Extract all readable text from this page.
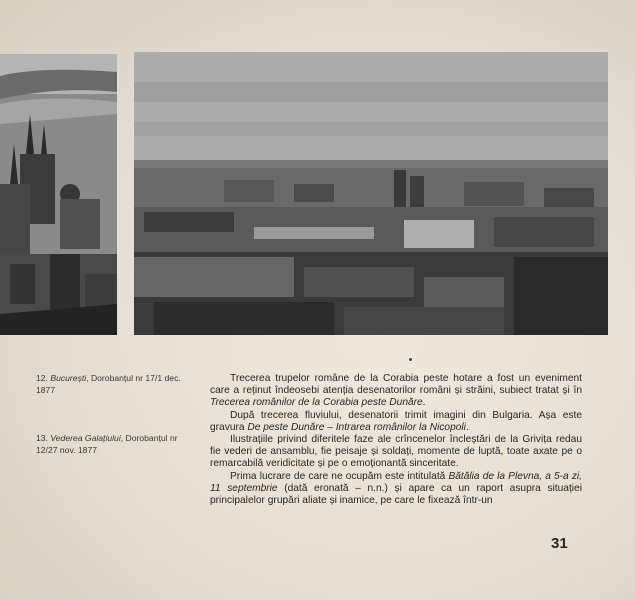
12. București, Dorobanțul nr 17/1 dec. 1877
13. Vederea Galațiului, Dorobanțul nr 12/27 nov. 1877

Trecerea trupelor române de la Corabia peste hotare a fost un eveniment care a reținut îndeosebi atenția desenatorilor români și străini, subiect tratat și în Trecerea românilor de la Corabia peste Dunăre.

După trecerea fluviului, desenatorii trimit imagini din Bulgaria. Așa este gravura De peste Dunăre – Intrarea românilor la Nicopoli.

Ilustrațiile privind diferitele faze ale crîncenelor încleștări de la Grivița redau fie vederi de ansamblu, fie peisaje și soldați, momente de luptă, toate axate pe o remarcabilă veridicitate și pe o emoționantă sinceritate.

Prima lucrare de care ne ocupăm este intitulată Bătălia de la Plevna, a 5-a zi, 11 septembrie (dată eronată – n.n.) și apare ca un raport asupra situației principalelor grupări aliate și inamice, pe care le fixează într-un

31
